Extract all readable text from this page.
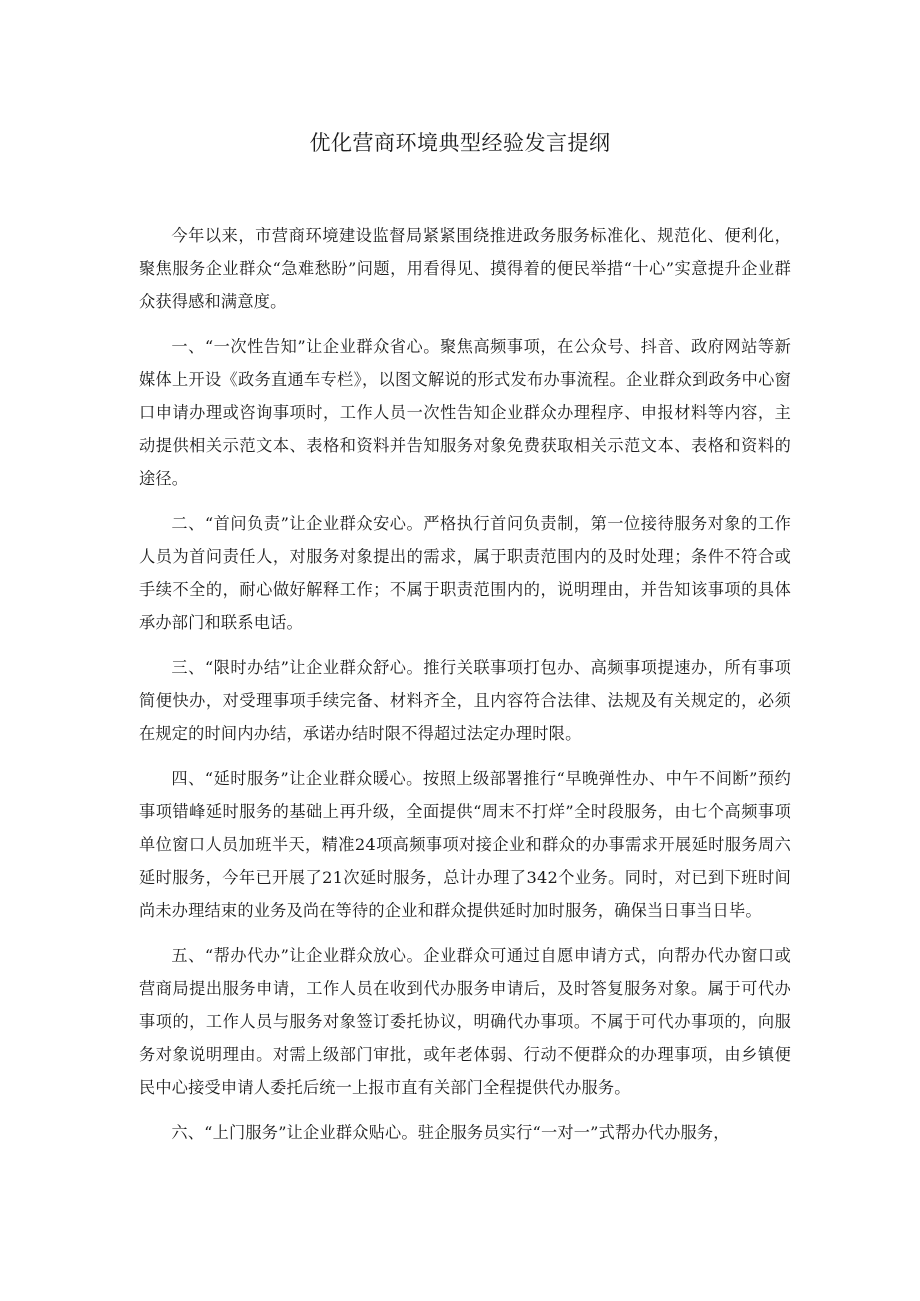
优化营商环境典型经验发言提纲

今年以来，市营商环境建设监督局紧紧围绕推进政务服务标准化、规范化、便利化，聚焦服务企业群众“急难愁盼”问题，用看得见、摸得着的便民举措“十心”实意提升企业群众获得感和满意度。

一、“一次性告知”让企业群众省心。聚焦高频事项，在公众号、抖音、政府网站等新媒体上开设《政务直通车专栏》，以图文解说的形式发布办事流程。企业群众到政务中心窗口申请办理或咨询事项时，工作人员一次性告知企业群众办理程序、申报材料等内容，主动提供相关示范文本、表格和资料并告知服务对象免费获取相关示范文本、表格和资料的途径。

二、“首问负责”让企业群众安心。严格执行首问负责制，第一位接待服务对象的工作人员为首问责任人，对服务对象提出的需求，属于职责范围内的及时处理；条件不符合或手续不全的，耐心做好解释工作；不属于职责范围内的，说明理由，并告知该事项的具体承办部门和联系电话。

三、“限时办结”让企业群众舒心。推行关联事项打包办、高频事项提速办，所有事项简便快办，对受理事项手续完备、材料齐全，且内容符合法律、法规及有关规定的，必须在规定的时间内办结，承诺办结时限不得超过法定办理时限。

四、“延时服务”让企业群众暖心。按照上级部署推行“早晚弹性办、中午不间断”预约事项错峰延时服务的基础上再升级，全面提供“周末不打烊”全时段服务，由七个高频事项单位窗口人员加班半天，精准24项高频事项对接企业和群众的办事需求开展延时服务周六延时服务，今年已开展了21次延时服务，总计办理了342个业务。同时，对已到下班时间尚未办理结束的业务及尚在等待的企业和群众提供延时加时服务，确保当日事当日毕。

五、“帮办代办”让企业群众放心。企业群众可通过自愿申请方式，向帮办代办窗口或营商局提出服务申请，工作人员在收到代办服务申请后，及时答复服务对象。属于可代办事项的，工作人员与服务对象签订委托协议，明确代办事项。不属于可代办事项的，向服务对象说明理由。对需上级部门审批，或年老体弱、行动不便群众的办理事项，由乡镇便民中心接受申请人委托后统一上报市直有关部门全程提供代办服务。

六、“上门服务”让企业群众贴心。驻企服务员实行“一对一”式帮办代办服务，
